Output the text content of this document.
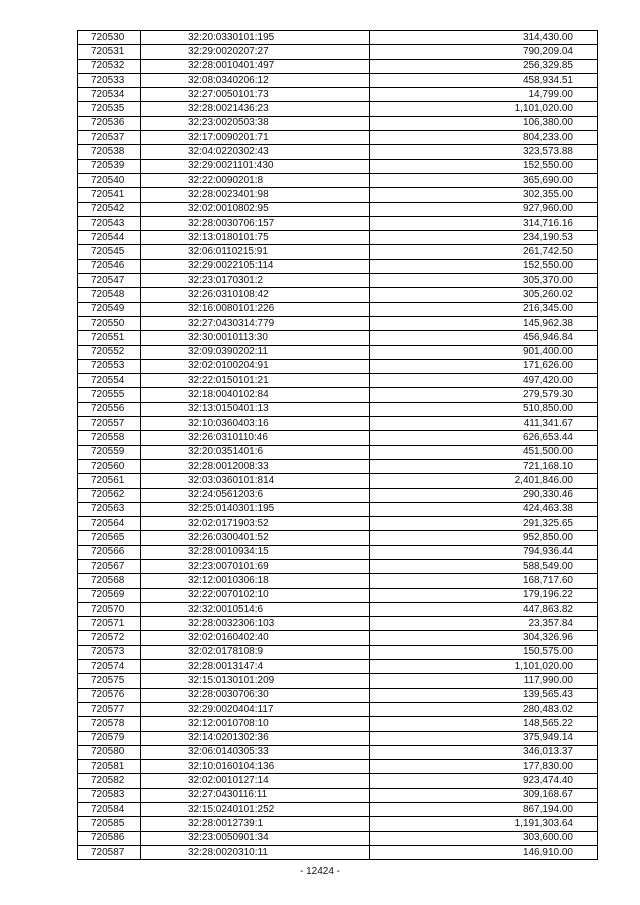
720530	32:20:0330101:195	314,430.00
720531	32:29:0020207:27	790,209.04
720532	32:28:0010401:497	256,329.85
720533	32:08:0340206:12	458,934.51
720534	32:27:0050101:73	14,799.00
720535	32:28:0021436:23	1,101,020.00
720536	32:23:0020503:38	106,380.00
720537	32:17:0090201:71	804,233.00
720538	32:04:0220302:43	323,573.88
720539	32:29:0021101:430	152,550.00
720540	32:22:0090201:8	365,690.00
720541	32:28:0023401:98	302,355.00
720542	32:02:0010802:95	927,960.00
720543	32:28:0030706:157	314,716.16
720544	32:13:0180101:75	234,190.53
720545	32:06:0110215:91	261,742.50
720546	32:29:0022105:114	152,550.00
720547	32:23:0170301:2	305,370.00
720548	32:26:0310108:42	305,260.02
720549	32:16:0080101:226	216,345.00
720550	32:27:0430314:779	145,962.38
720551	32:30:0010113:30	456,946.84
720552	32:09:0390202:11	901,400.00
720553	32:02:0100204:91	171,626.00
720554	32:22:0150101:21	497,420.00
720555	32:18:0040102:84	279,579.30
720556	32:13:0150401:13	510,850.00
720557	32:10:0360403:16	411,341.67
720558	32:26:0310110:46	626,653.44
720559	32:20:0351401:6	451,500.00
720560	32:28:0012008:33	721,168.10
720561	32:03:0360101:814	2,401,846.00
720562	32:24:0561203:6	290,330.46
720563	32:25:0140301:195	424,463.38
720564	32:02:0171903:52	291,325.65
720565	32:26:0300401:52	952,850.00
720566	32:28:0010934:15	794,936.44
720567	32:23:0070101:69	588,549.00
720568	32:12:0010306:18	168,717.60
720569	32:22:0070102:10	179,196.22
720570	32:32:0010514:6	447,863.82
720571	32:28:0032306:103	23,357.84
720572	32:02:0160402:40	304,326.96
720573	32:02:0178108:9	150,575.00
720574	32:28:0013147:4	1,101,020.00
720575	32:15:0130101:209	117,990.00
720576	32:28:0030706:30	139,565.43
720577	32:29:0020404:117	280,483.02
720578	32:12:0010708:10	148,565.22
720579	32:14:0201302:36	375,949.14
720580	32:06:0140305:33	346,013.37
720581	32:10:0160104:136	177,830.00
720582	32:02:0010127:14	923,474.40
720583	32:27:0430116:11	309,168.67
720584	32:15:0240101:252	867,194.00
720585	32:28:0012739:1	1,191,303.64
720586	32:23:0050901:34	303,600.00
720587	32:28:0020310:11	146,910.00
- 12424 -
